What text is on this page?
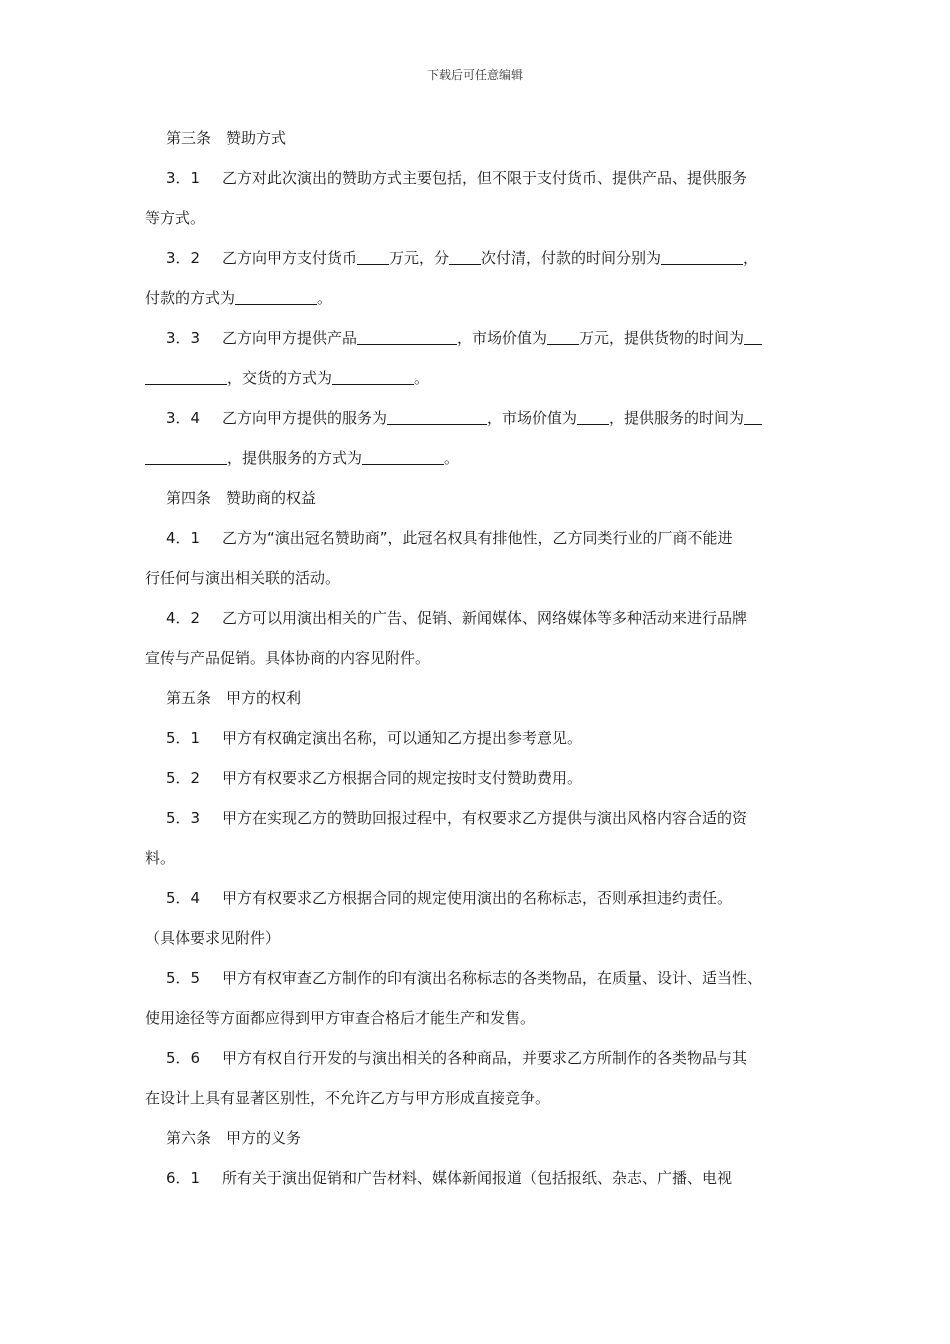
下载后可任意编辑
第三条　赞助方式
3．1 乙方对此次演出的赞助方式主要包括，但不限于支付货币、提供产品、提供服务
等方式。
3．2 乙方向甲方支付货币 万元，分 次付清，付款的时间分别为	，
付款的方式为	。
3．3 乙方向甲方提供产品	，市场价值为 万元，提供货物的时间为
，交货的方式为	。
3．4 乙方向甲方提供的服务为	，市场价值为 ，提供服务的时间为
，提供服务的方式为	。
第四条　赞助商的权益
4．1 乙方为“演出冠名赞助商”，此冠名权具有排他性，乙方同类行业的厂商不能进
行任何与演出相关联的活动。
4．2 乙方可以用演出相关的广告、促销、新闻媒体、网络媒体等多种活动来进行品牌
宣传与产品促销。具体协商的内容见附件。
第五条　甲方的权利
5．1 甲方有权确定演出名称，可以通知乙方提出参考意见。
5．2 甲方有权要求乙方根据合同的规定按时支付赞助费用。
5．3 甲方在实现乙方的赞助回报过程中，有权要求乙方提供与演出风格内容合适的资
料。
5．4 甲方有权要求乙方根据合同的规定使用演出的名称标志，否则承担违约责任。
（具体要求见附件）
5．5 甲方有权审查乙方制作的印有演出名称标志的各类物品，在质量、设计、适当性、
使用途径等方面都应得到甲方审查合格后才能生产和发售。
5．6 甲方有权自行开发的与演出相关的各种商品，并要求乙方所制作的各类物品与其
在设计上具有显著区别性，不允许乙方与甲方形成直接竞争。
第六条　甲方的义务
6．1 所有关于演出促销和广告材料、媒体新闻报道（包括报纸、杂志、广播、电视
